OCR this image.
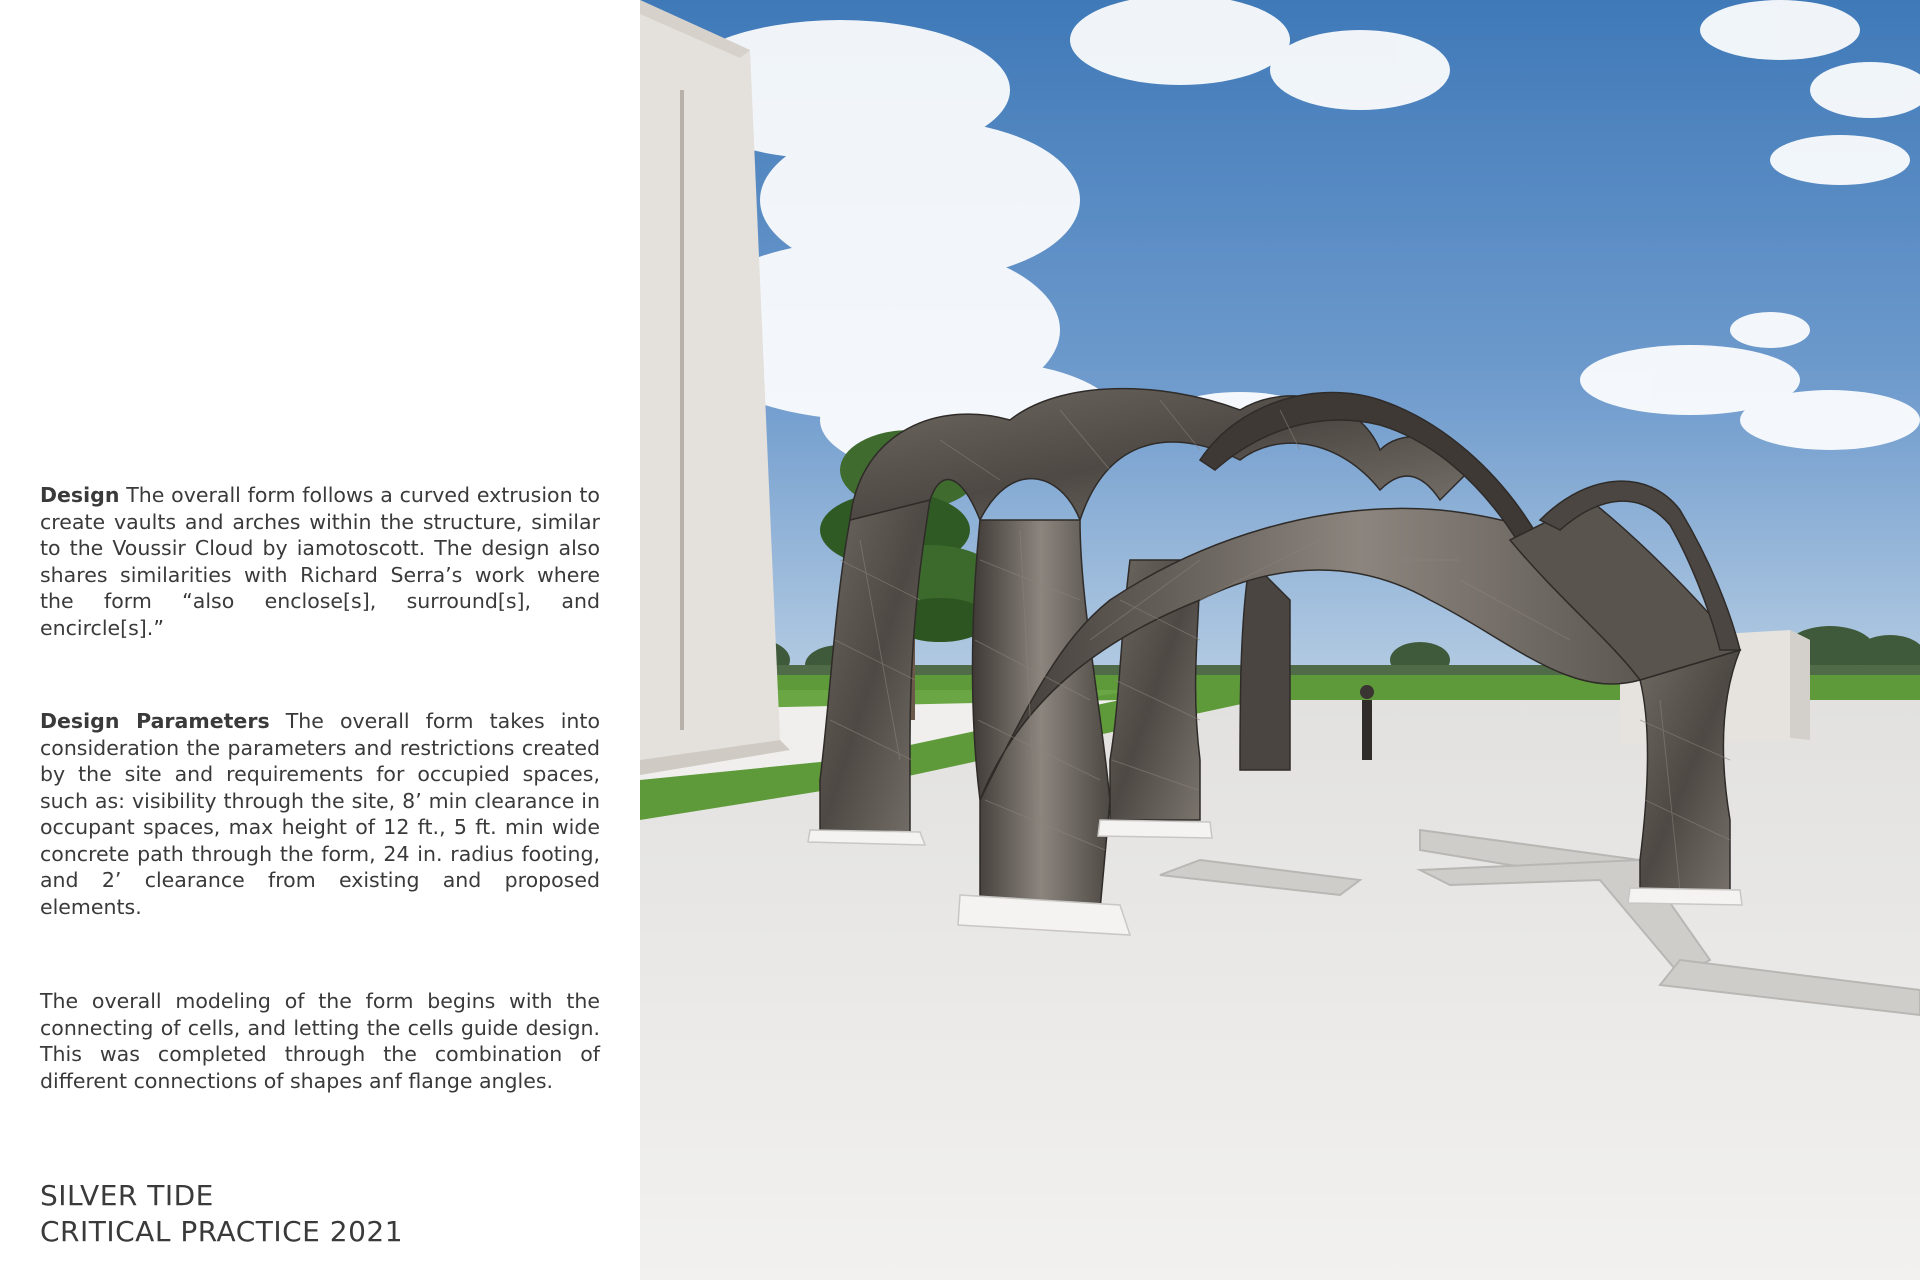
Design The overall form follows a curved extrusion to create vaults and arches within the structure, similar to the Voussir Cloud by iamotoscott. The design also shares similarities with Richard Serra’s work where the form “also enclose[s], surround[s], and encircle[s].”

Design Parameters The overall form takes into consideration the parameters and restrictions created by the site and requirements for occupied spaces, such as: visibility through the site, 8’ min clearance in occupant spaces, max height of 12 ft., 5 ft. min wide concrete path through the form, 24 in. radius footing, and 2’ clearance from existing and proposed elements.

The overall modeling of the form begins with the connecting of cells, and letting the cells guide design. This was completed through the combination of different connections of shapes anf flange angles.

SILVER TIDE
CRITICAL PRACTICE 2021
